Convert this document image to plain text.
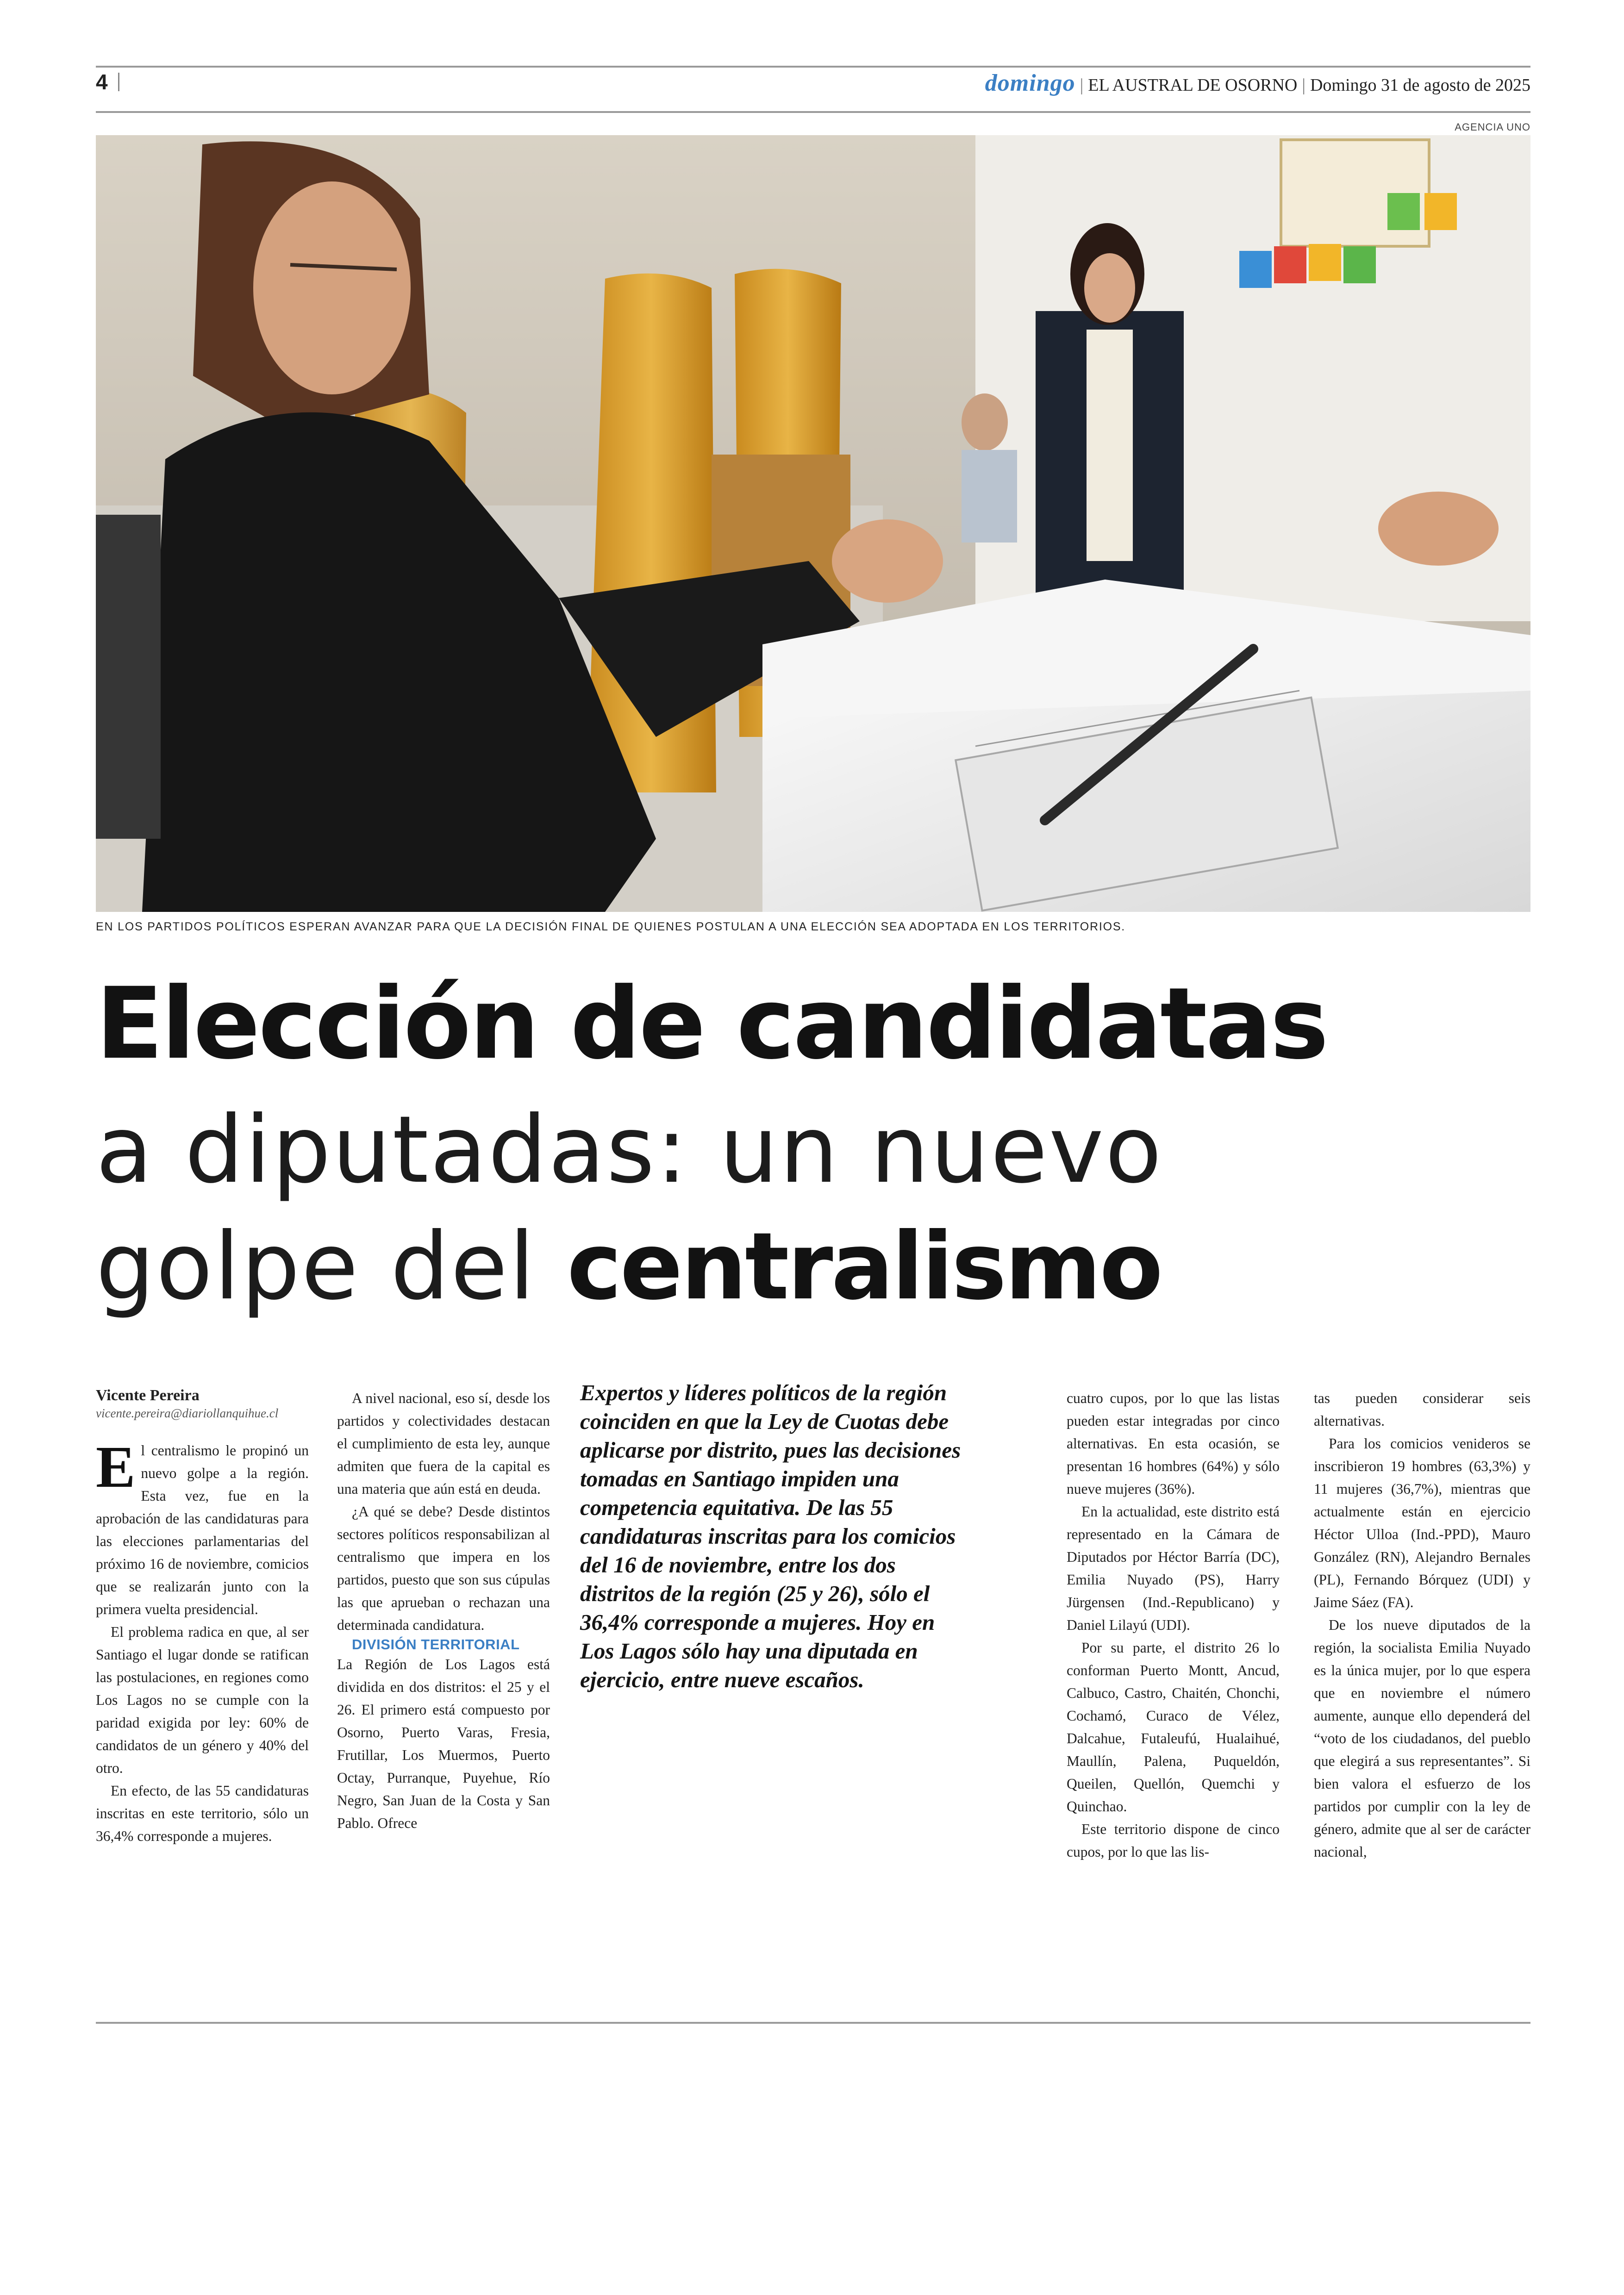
4	domingo | EL AUSTRAL DE OSORNO | Domingo 31 de agosto de 2025
AGENCIA UNO
EN LOS PARTIDOS POLÍTICOS ESPERAN AVANZAR PARA QUE LA DECISIÓN FINAL DE QUIENES POSTULAN A UNA ELECCIÓN SEA ADOPTADA EN LOS TERRITORIOS.
Elección de candidatas
a diputadas: un nuevo
golpe del centralismo
Vicente Pereira
vicente.pereira@diariollanquihue.cl

El centralismo le propinó un nuevo golpe a la región. Esta vez, fue en la aprobación de las candidaturas para las elecciones parlamentarias del próximo 16 de noviembre, comicios que se realizarán junto con la primera vuelta presidencial.

El problema radica en que, al ser Santiago el lugar donde se ratifican las postulaciones, en regiones como Los Lagos no se cumple con la paridad exigida por ley: 60% de candidatos de un género y 40% del otro.

En efecto, de las 55 candidaturas inscritas en este territorio, sólo un 36,4% corresponde a mujeres.

A nivel nacional, eso sí, desde los partidos y colectividades destacan el cumplimiento de esta ley, aunque admiten que fuera de la capital es una materia que aún está en deuda.

¿A qué se debe? Desde distintos sectores políticos responsabilizan al centralismo que impera en los partidos, puesto que son sus cúpulas las que aprueban o rechazan una determinada candidatura.

DIVISIÓN TERRITORIAL

La Región de Los Lagos está dividida en dos distritos: el 25 y el 26. El primero está compuesto por Osorno, Puerto Varas, Fresia, Frutillar, Los Muermos, Puerto Octay, Purranque, Puyehue, Río Negro, San Juan de la Costa y San Pablo. Ofrece

Expertos y líderes políticos de la región coinciden en que la Ley de Cuotas debe aplicarse por distrito, pues las decisiones tomadas en Santiago impiden una competencia equitativa. De las 55 candidaturas inscritas para los comicios del 16 de noviembre, entre los dos distritos de la región (25 y 26), sólo el 36,4% corresponde a mujeres. Hoy en Los Lagos sólo hay una diputada en ejercicio, entre nueve escaños.

cuatro cupos, por lo que las listas pueden estar integradas por cinco alternativas. En esta ocasión, se presentan 16 hombres (64%) y sólo nueve mujeres (36%).

En la actualidad, este distrito está representado en la Cámara de Diputados por Héctor Barría (DC), Emilia Nuyado (PS), Harry Jürgensen (Ind.-Republicano) y Daniel Lilayú (UDI).

Por su parte, el distrito 26 lo conforman Puerto Montt, Ancud, Calbuco, Castro, Chaitén, Chonchi, Cochamó, Curaco de Vélez, Dalcahue, Futaleufú, Hualaihué, Maullín, Palena, Puqueldón, Queilen, Quellón, Quemchi y Quinchao.

Este territorio dispone de cinco cupos, por lo que las lis-

tas pueden considerar seis alternativas.

Para los comicios venideros se inscribieron 19 hombres (63,3%) y 11 mujeres (36,7%), mientras que actualmente están en ejercicio Héctor Ulloa (Ind.-PPD), Mauro González (RN), Alejandro Bernales (PL), Fernando Bórquez (UDI) y Jaime Sáez (FA).

De los nueve diputados de la región, la socialista Emilia Nuyado es la única mujer, por lo que espera que en noviembre el número aumente, aunque ello dependerá del “voto de los ciudadanos, del pueblo que elegirá a sus representantes”. Si bien valora el esfuerzo de los partidos por cumplir con la ley de género, admite que al ser de carácter nacional,
